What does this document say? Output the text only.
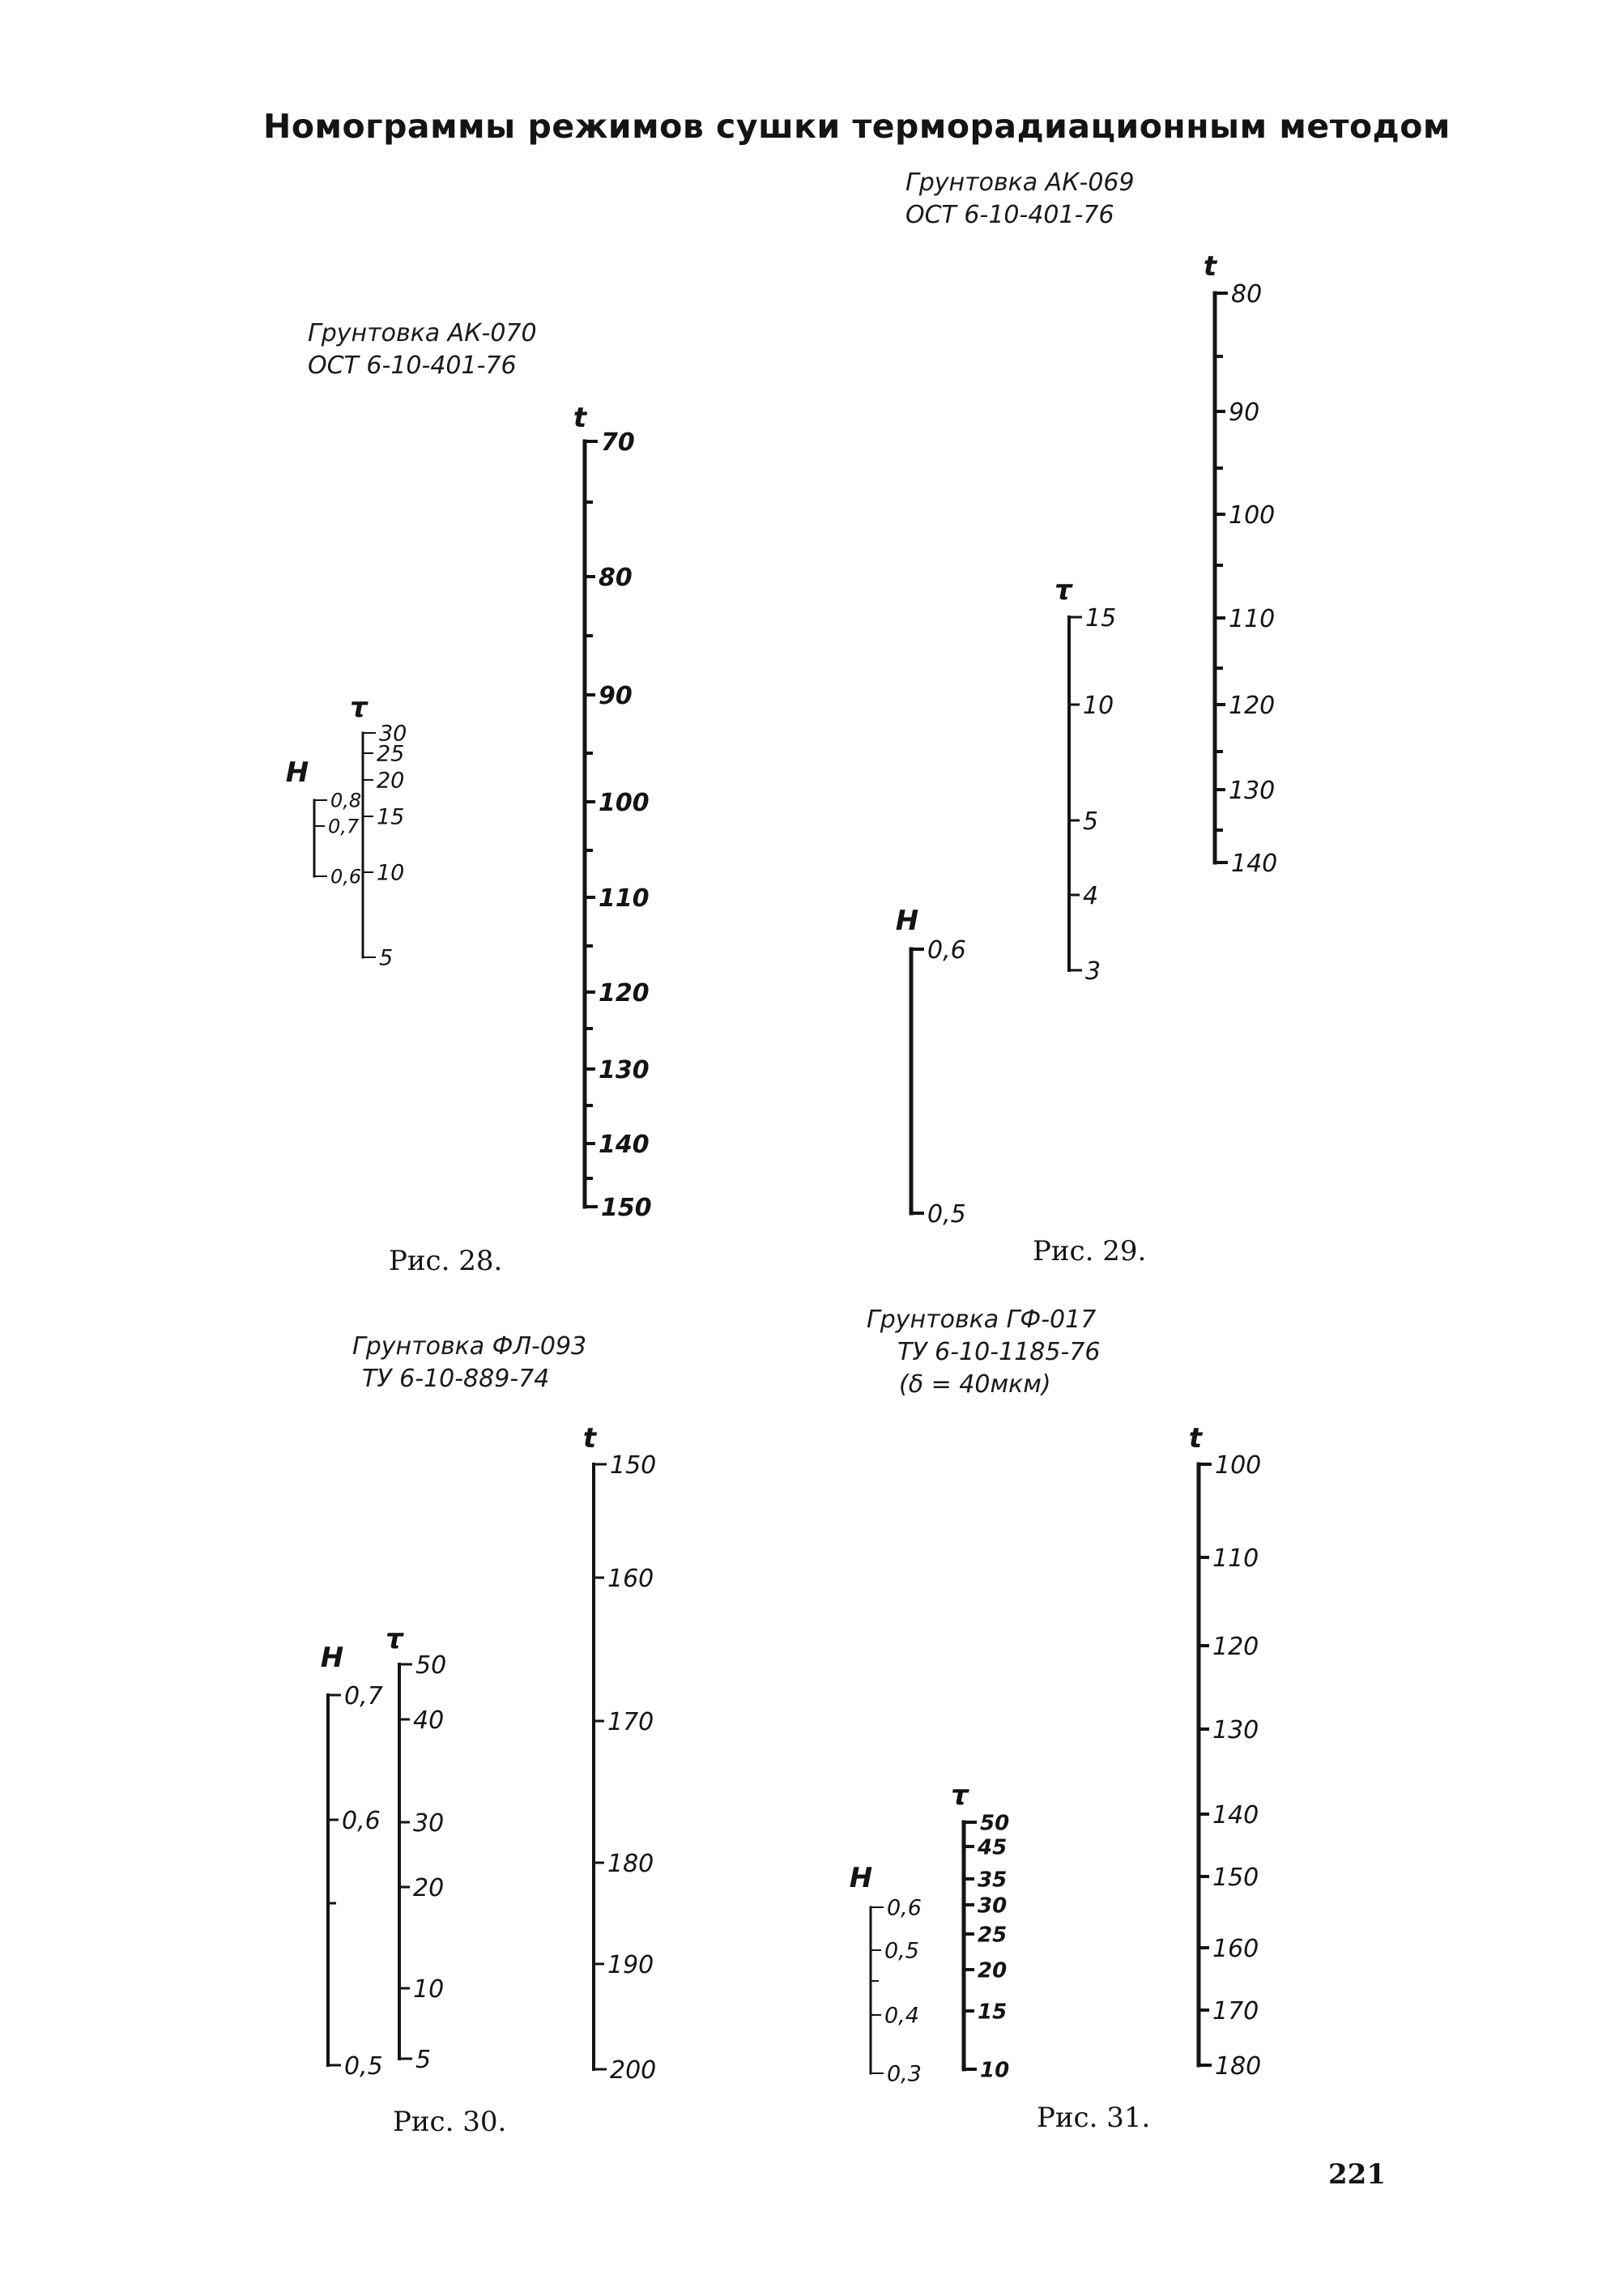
Номограммы режимов сушки терморадиационным методом
Грунтовка АК-070
ОСТ 6-10-401-76
Грунтовка АК-069
ОСТ 6-10-401-76
Грунтовка ФЛ-093
ТУ 6-10-889-74
Грунтовка ГФ-017
ТУ 6-10-1185-76
(δ = 40мкм)
t
70
80
90
100
110
120
130
140
150
τ
30
25
20
15
10
5
H
0,8
0,7
0,6
t
80
90
100
110
120
130
140
τ
15
10
5
4
3
H
0,6
0,5
t
150
160
170
180
190
200
τ
50
40
30
20
10
5
H
0,7
0,6
0,5
t
100
110
120
130
140
150
160
170
180
τ
50
45
35
30
25
20
15
10
H
0,6
0,5
0,4
0,3
Рис. 28.	Рис. 29.
Рис. 30.	Рис. 31.
221
